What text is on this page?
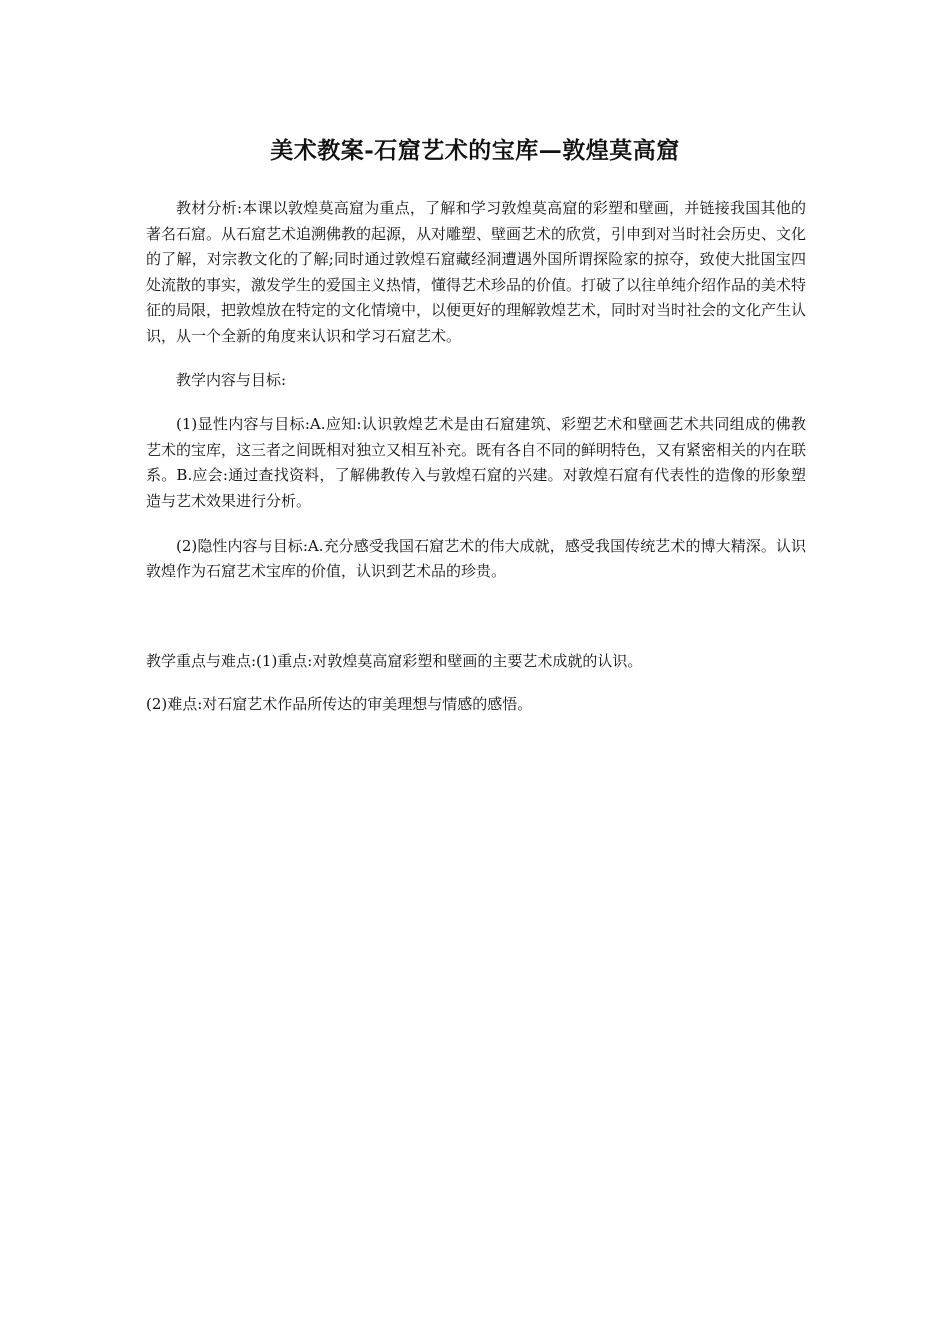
美术教案-石窟艺术的宝库—敦煌莫高窟

教材分析:本课以敦煌莫高窟为重点，了解和学习敦煌莫高窟的彩塑和壁画，并链接我国其他的著名石窟。从石窟艺术追溯佛教的起源，从对雕塑、壁画艺术的欣赏，引申到对当时社会历史、文化的了解，对宗教文化的了解;同时通过敦煌石窟藏经洞遭遇外国所谓探险家的掠夺，致使大批国宝四处流散的事实，激发学生的爱国主义热情，懂得艺术珍品的价值。打破了以往单纯介绍作品的美术特征的局限，把敦煌放在特定的文化情境中，以便更好的理解敦煌艺术，同时对当时社会的文化产生认识，从一个全新的角度来认识和学习石窟艺术。

教学内容与目标:

(1)显性内容与目标:A.应知:认识敦煌艺术是由石窟建筑、彩塑艺术和壁画艺术共同组成的佛教艺术的宝库，这三者之间既相对独立又相互补充。既有各自不同的鲜明特色，又有紧密相关的内在联系。B.应会:通过查找资料，了解佛教传入与敦煌石窟的兴建。对敦煌石窟有代表性的造像的形象塑造与艺术效果进行分析。

(2)隐性内容与目标:A.充分感受我国石窟艺术的伟大成就，感受我国传统艺术的博大精深。认识敦煌作为石窟艺术宝库的价值，认识到艺术品的珍贵。

教学重点与难点:(1)重点:对敦煌莫高窟彩塑和壁画的主要艺术成就的认识。

(2)难点:对石窟艺术作品所传达的审美理想与情感的感悟。
